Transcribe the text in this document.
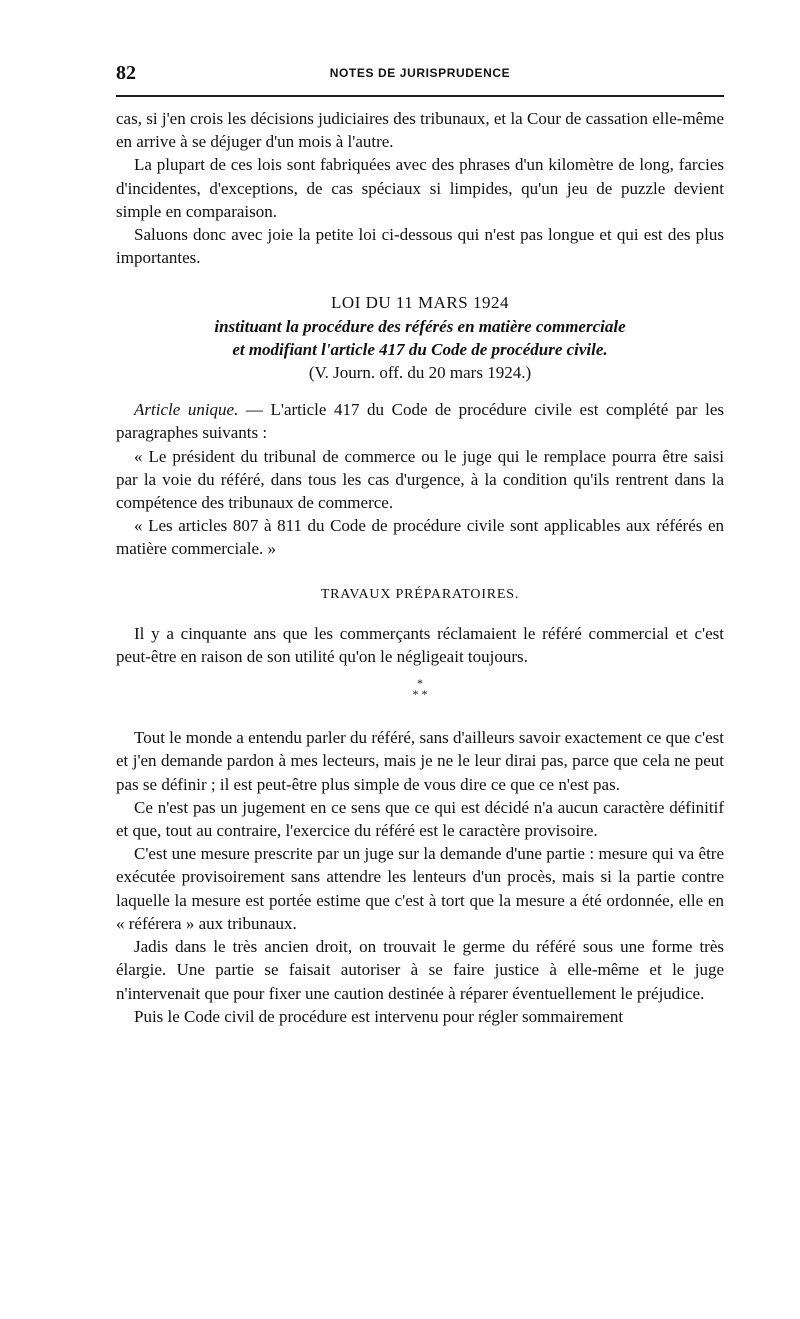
82	NOTES DE JURISPRUDENCE

cas, si j'en crois les décisions judiciaires des tribunaux, et la Cour de cassation elle-même en arrive à se déjuger d'un mois à l'autre.

La plupart de ces lois sont fabriquées avec des phrases d'un kilomètre de long, farcies d'incidentes, d'exceptions, de cas spéciaux si limpides, qu'un jeu de puzzle devient simple en comparaison.

Saluons donc avec joie la petite loi ci-dessous qui n'est pas longue et qui est des plus importantes.

LOI DU 11 MARS 1924

instituant la procédure des référés en matière commerciale

et modifiant l'article 417 du Code de procédure civile.

(V. Journ. off. du 20 mars 1924.)

Article unique. — L'article 417 du Code de procédure civile est complété par les paragraphes suivants :

« Le président du tribunal de commerce ou le juge qui le remplace pourra être saisi par la voie du référé, dans tous les cas d'urgence, à la condition qu'ils rentrent dans la compétence des tribunaux de commerce.

« Les articles 807 à 811 du Code de procédure civile sont applicables aux référés en matière commerciale. »

TRAVAUX PRÉPARATOIRES.

Il y a cinquante ans que les commerçants réclamaient le référé commercial et c'est peut-être en raison de son utilité qu'on le négligeait toujours.

*
* *

Tout le monde a entendu parler du référé, sans d'ailleurs savoir exactement ce que c'est et j'en demande pardon à mes lecteurs, mais je ne le leur dirai pas, parce que cela ne peut pas se définir ; il est peut-être plus simple de vous dire ce que ce n'est pas.

Ce n'est pas un jugement en ce sens que ce qui est décidé n'a aucun caractère définitif et que, tout au contraire, l'exercice du référé est le caractère provisoire.

C'est une mesure prescrite par un juge sur la demande d'une partie : mesure qui va être exécutée provisoirement sans attendre les lenteurs d'un procès, mais si la partie contre laquelle la mesure est portée estime que c'est à tort que la mesure a été ordonnée, elle en « référera » aux tribunaux.

Jadis dans le très ancien droit, on trouvait le germe du référé sous une forme très élargie. Une partie se faisait autoriser à se faire justice à elle-même et le juge n'intervenait que pour fixer une caution destinée à réparer éventuellement le préjudice.

Puis le Code civil de procédure est intervenu pour régler sommairement
